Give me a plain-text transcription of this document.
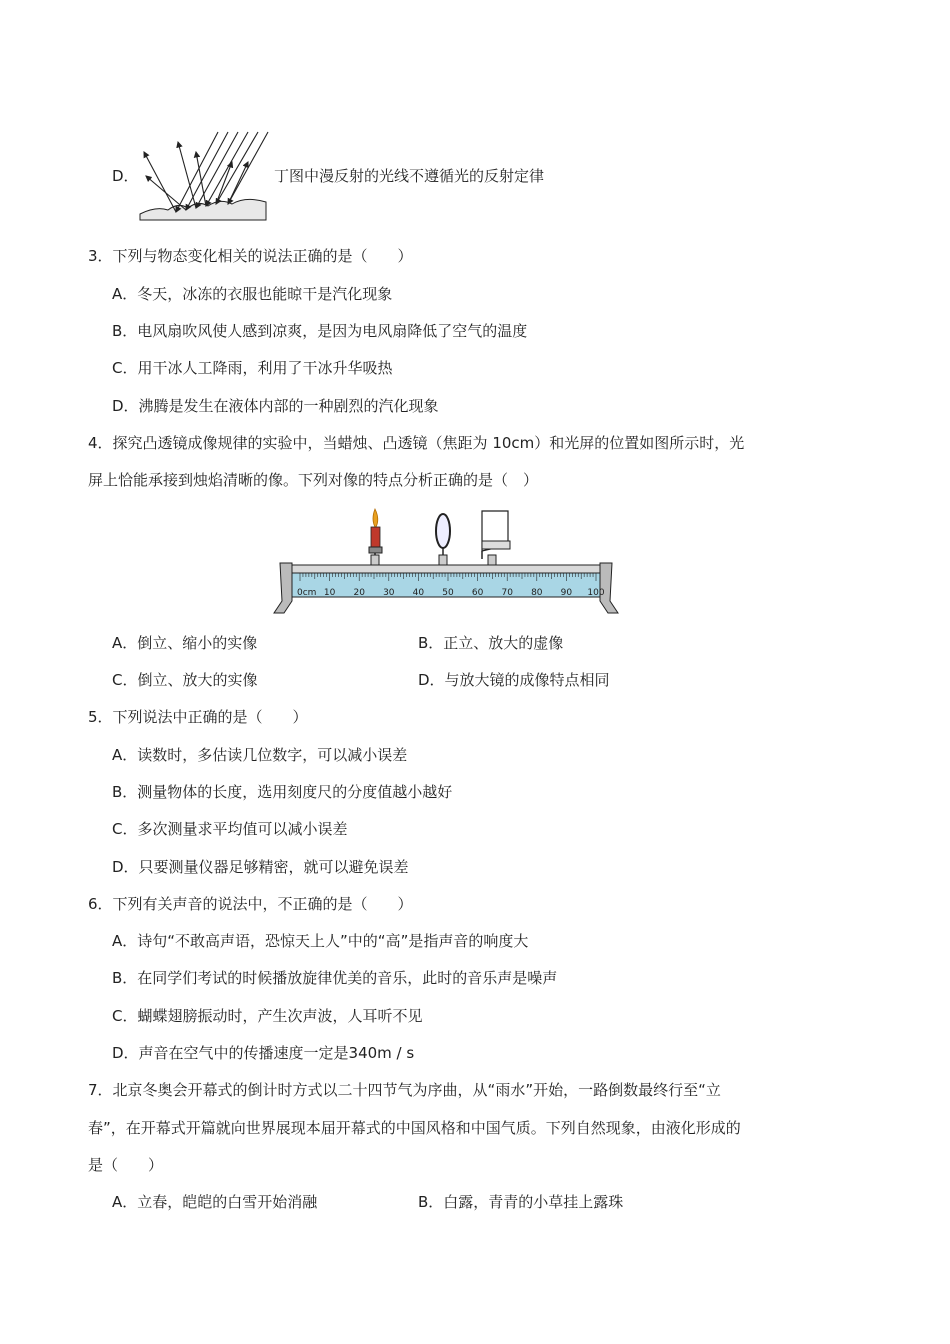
D．	丁图中漫反射的光线不遵循光的反射定律
3．下列与物态变化相关的说法正确的是（　　）
A．冬天，冰冻的衣服也能晾干是汽化现象
B．电风扇吹风使人感到凉爽，是因为电风扇降低了空气的温度
C．用干冰人工降雨，利用了干冰升华吸热
D．沸腾是发生在液体内部的一种剧烈的汽化现象
4．探究凸透镜成像规律的实验中，当蜡烛、凸透镜（焦距为 10cm）和光屏的位置如图所示时，光
屏上恰能承接到烛焰清晰的像。下列对像的特点分析正确的是（　）
0cm 10 20 30 40 50 60 70 80 90 100
A．倒立、缩小的实像	B．正立、放大的虚像
C．倒立、放大的实像	D．与放大镜的成像特点相同
5．下列说法中正确的是（　　）
A．读数时，多估读几位数字，可以减小误差
B．测量物体的长度，选用刻度尺的分度值越小越好
C．多次测量求平均值可以减小误差
D．只要测量仪器足够精密，就可以避免误差
6．下列有关声音的说法中，不正确的是（　　）
A．诗句“不敢高声语，恐惊天上人”中的“高”是指声音的响度大
B．在同学们考试的时候播放旋律优美的音乐，此时的音乐声是噪声
C．蝴蝶翅膀振动时，产生次声波，人耳听不见
D．声音在空气中的传播速度一定是340m / s
7．北京冬奥会开幕式的倒计时方式以二十四节气为序曲，从“雨水”开始，一路倒数最终行至“立
春”，在开幕式开篇就向世界展现本届开幕式的中国风格和中国气质。下列自然现象，由液化形成的
是（　　）
A．立春，皑皑的白雪开始消融	B．白露，青青的小草挂上露珠
